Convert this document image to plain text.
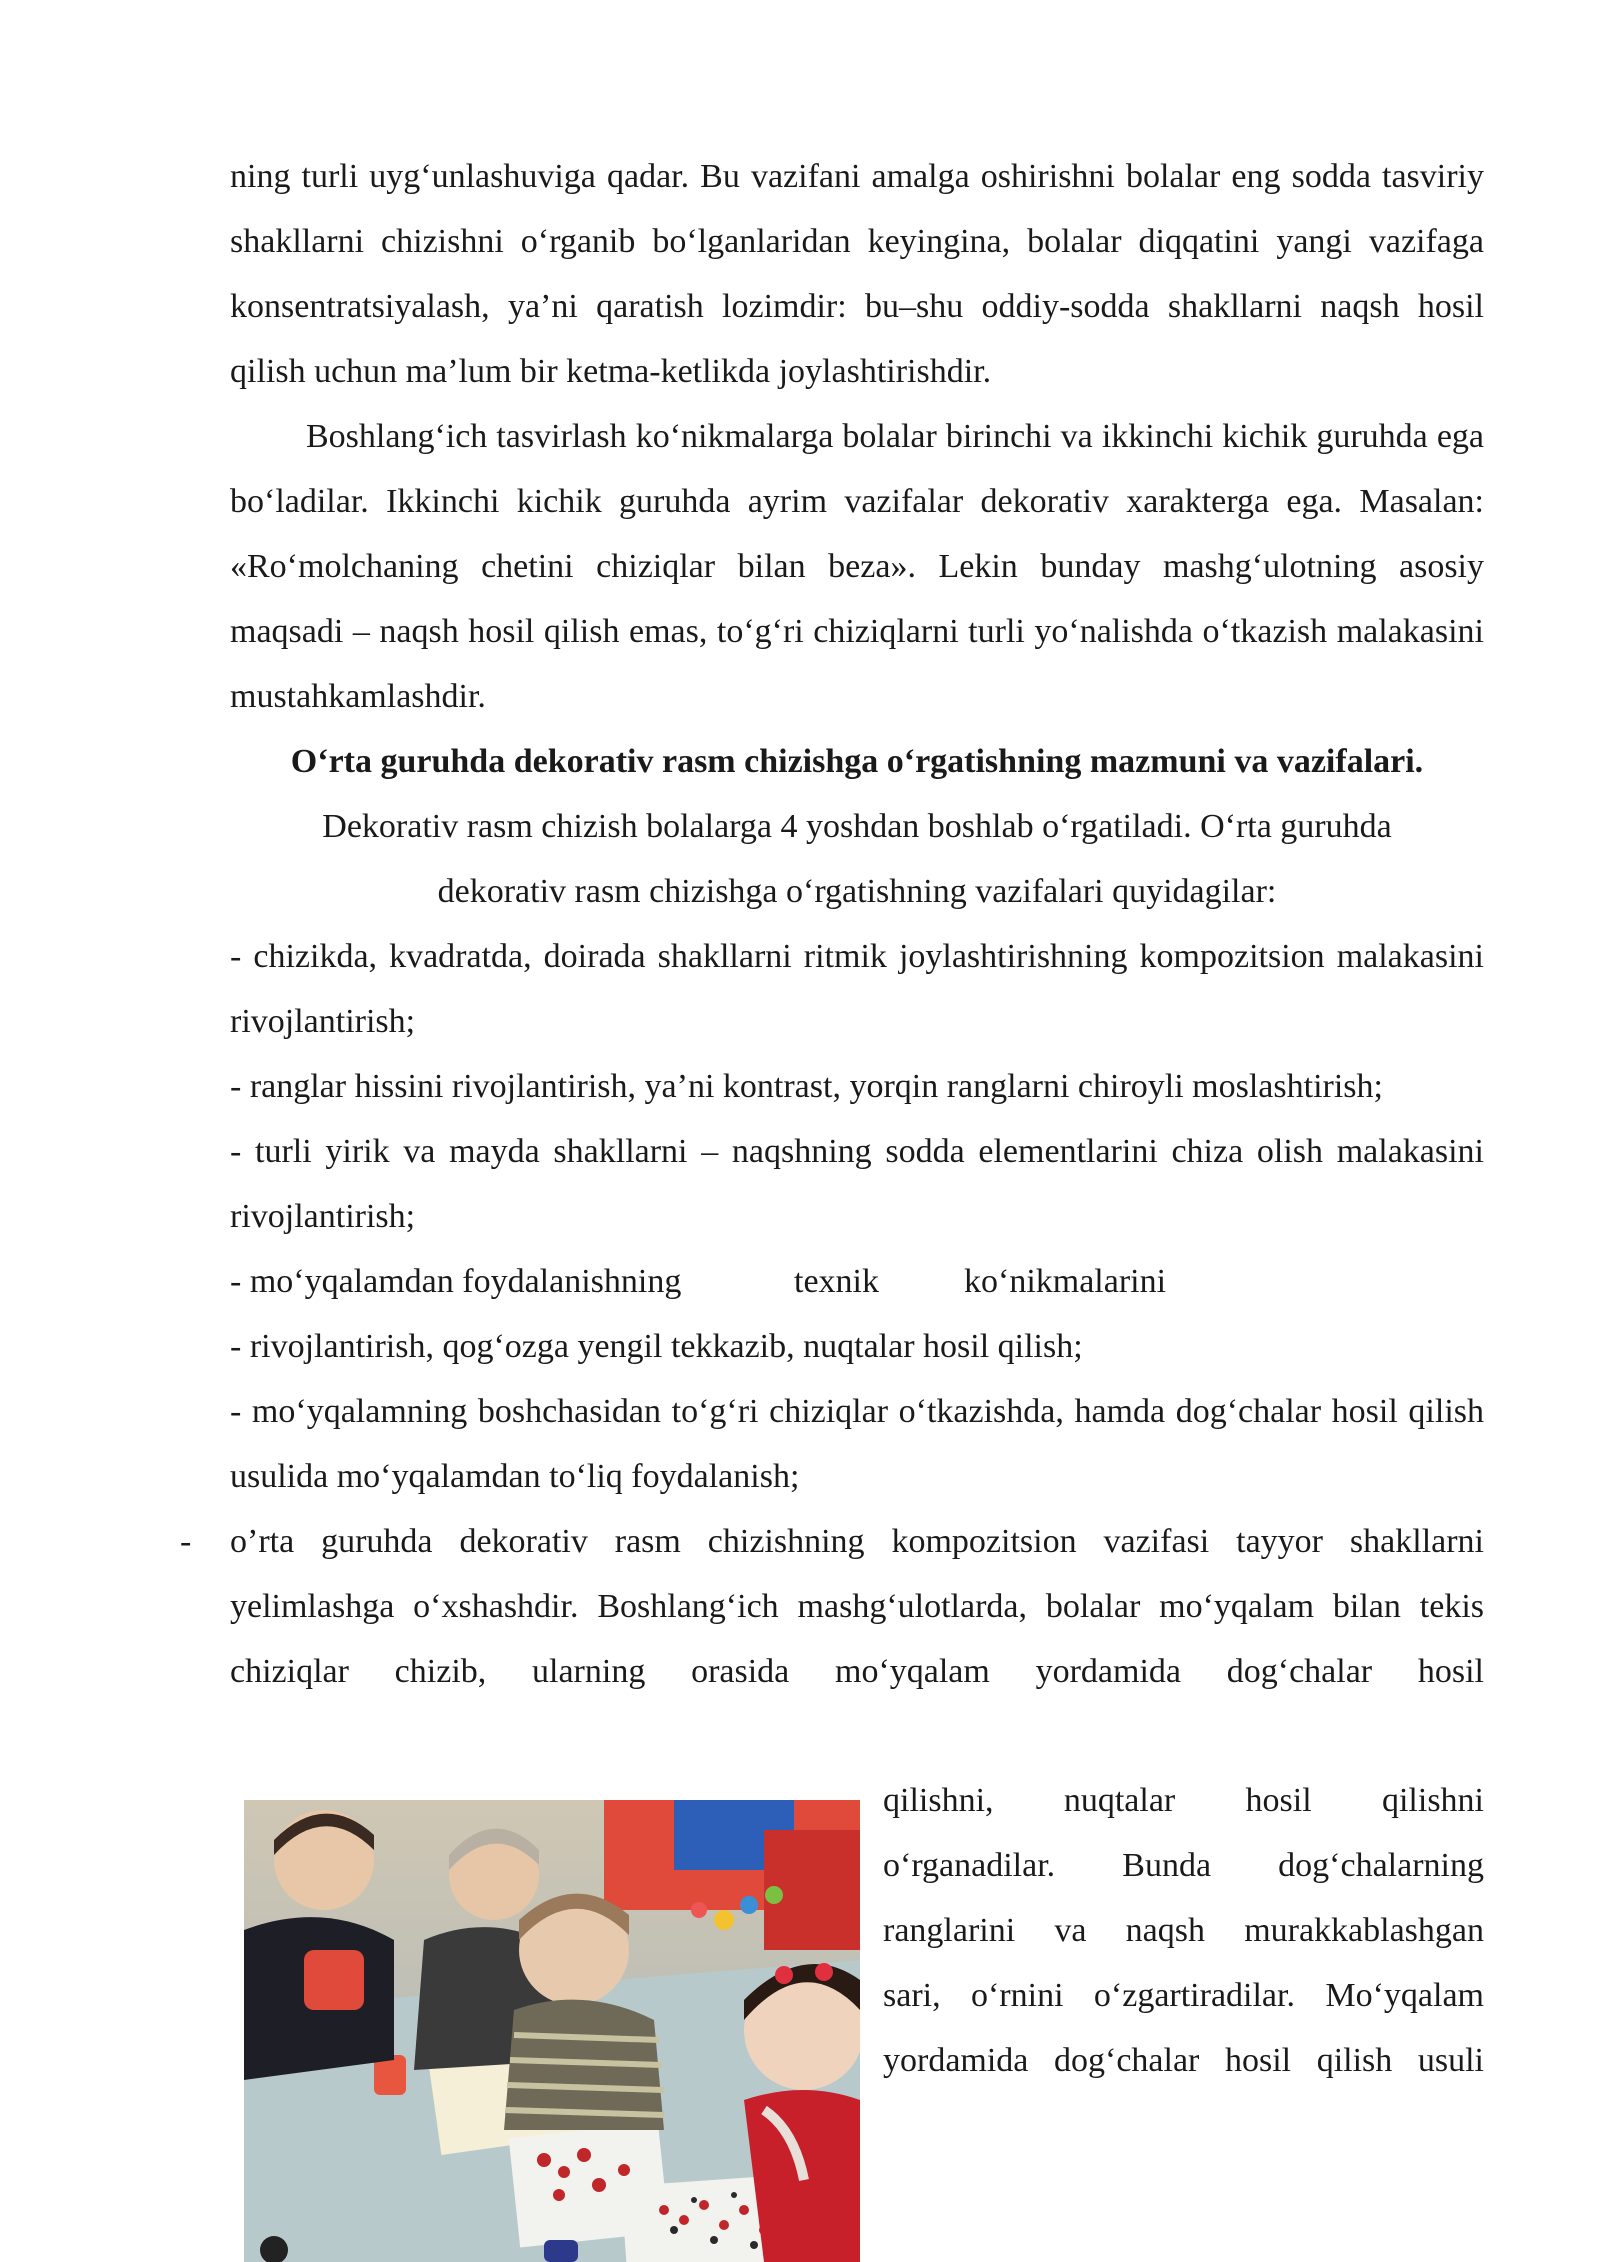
ning turli uyg‘unlashuviga qadar. Bu vazifani amalga oshirishni bolalar eng sodda tasviriy shakllarni chizishni o‘rganib bo‘lganlaridan keyingina, bolalar diqqatini yangi vazifaga konsentratsiyalash, ya’ni qaratish lozimdir: bu–shu oddiy-sodda shakllarni naqsh hosil qilish uchun ma’lum bir ketma-ketlikda joylashtirishdir.

Boshlang‘ich tasvirlash ko‘nikmalarga bolalar birinchi va ikkinchi kichik guruhda ega bo‘ladilar. Ikkinchi kichik guruhda ayrim vazifalar dekorativ xarakterga ega. Masalan: «Ro‘molchaning chetini chiziqlar bilan beza». Lekin bunday mashg‘ulotning asosiy maqsadi – naqsh hosil qilish emas, to‘g‘ri chiziqlarni turli yo‘nalishda o‘tkazish malakasini mustahkamlashdir.

O‘rta guruhda dekorativ rasm chizishga o‘rgatishning mazmuni va vazifalari.

Dekorativ rasm chizish bolalarga 4 yoshdan boshlab o‘rgatiladi. O‘rta guruhda

dekorativ rasm chizishga o‘rgatishning vazifalari quyidagilar:

- chizikda, kvadratda, doirada shakllarni ritmik joylashtirishning kompozitsion malakasini rivojlantirish;

- ranglar hissini rivojlantirish, ya’ni kontrast, yorqin ranglarni chiroyli moslashtirish;

- turli yirik va mayda shakllarni – naqshning sodda elementlarini chiza olish malakasini rivojlantirish;

- mo‘yqalamdan foydalanishning	texnik	ko‘nikmalarini

- rivojlantirish, qog‘ozga yengil tekkazib, nuqtalar hosil qilish;

- mo‘yqalamning boshchasidan to‘g‘ri chiziqlar o‘tkazishda, hamda dog‘chalar hosil qilish usulida mo‘yqalamdan to‘liq foydalanish;

- o’rta guruhda dekorativ rasm chizishning kompozitsion vazifasi tayyor shakllarni yelimlashga o‘xshashdir. Boshlang‘ich mashg‘ulotlarda, bolalar mo‘yqalam bilan tekis chiziqlar chizib, ularning orasida mo‘yqalam yordamida dog‘chalar hosil

qilishni, nuqtalar hosil qilishni

o‘rganadilar. Bunda dog‘chalarning

ranglarini va naqsh murakkablashgan

sari, o‘rnini o‘zgartiradilar. Mo‘yqalam

yordamida dog‘chalar hosil qilish usuli
